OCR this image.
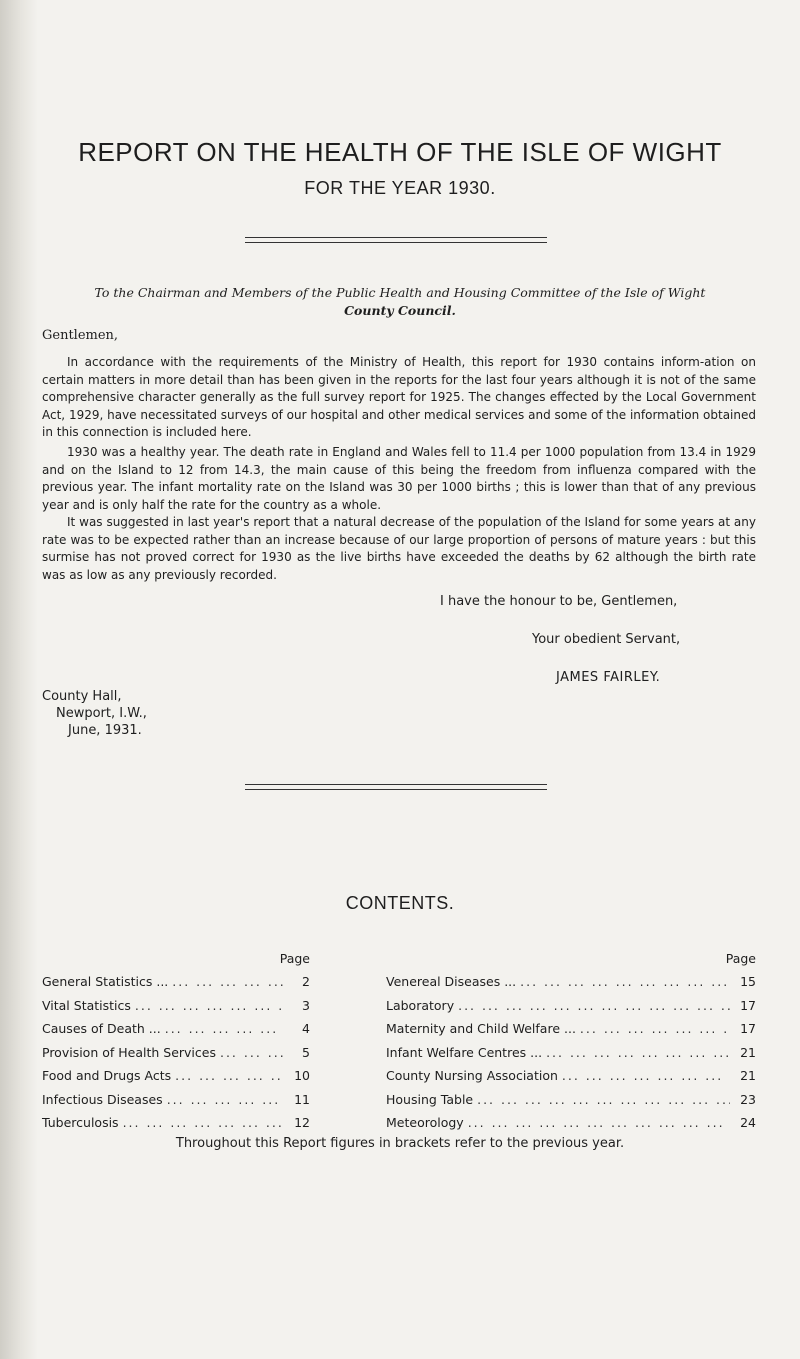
REPORT ON THE HEALTH OF THE ISLE OF WIGHT
FOR THE YEAR 1930.
To the Chairman and Members of the Public Health and Housing Committee of the Isle of Wight
County Council.
Gentlemen,

In accordance with the requirements of the Ministry of Health, this report for 1930 contains inform-ation on certain matters in more detail than has been given in the reports for the last four years although it is not of the same comprehensive character generally as the full survey report for 1925. The changes effected by the Local Government Act, 1929, have necessitated surveys of our hospital and other medical services and some of the information obtained in this connection is included here.

1930 was a healthy year. The death rate in England and Wales fell to 11.4 per 1000 population from 13.4 in 1929 and on the Island to 12 from 14.3, the main cause of this being the freedom from influenza compared with the previous year. The infant mortality rate on the Island was 30 per 1000 births ; this is lower than that of any previous year and is only half the rate for the country as a whole.

It was suggested in last year's report that a natural decrease of the population of the Island for some years at any rate was to be expected rather than an increase because of our large proportion of persons of mature years : but this surmise has not proved correct for 1930 as the live births have exceeded the deaths by 62 although the birth rate was as low as any previously recorded.

I have the honour to be, Gentlemen,
Your obedient Servant,
JAMES FAIRLEY.
County Hall,
Newport, I.W.,
June, 1931.
CONTENTS.
Page
General Statistics ... ... .	2
Vital Statistics ... .	3
Causes of Death ... ... .	4
Provision of Health Services ... .	5
Food and Drugs Acts ... .	10
Infectious Diseases ... .	11
Tuberculosis ... .	12
Page
Venereal Diseases ... ... .	15
Laboratory ... .	17
Maternity and Child Welfare ... ... .	17
Infant Welfare Centres ... ... .	21
County Nursing Association ... .	21
Housing Table ... .	23
Meteorology ... .	24
Throughout this Report figures in brackets refer to the previous year.
